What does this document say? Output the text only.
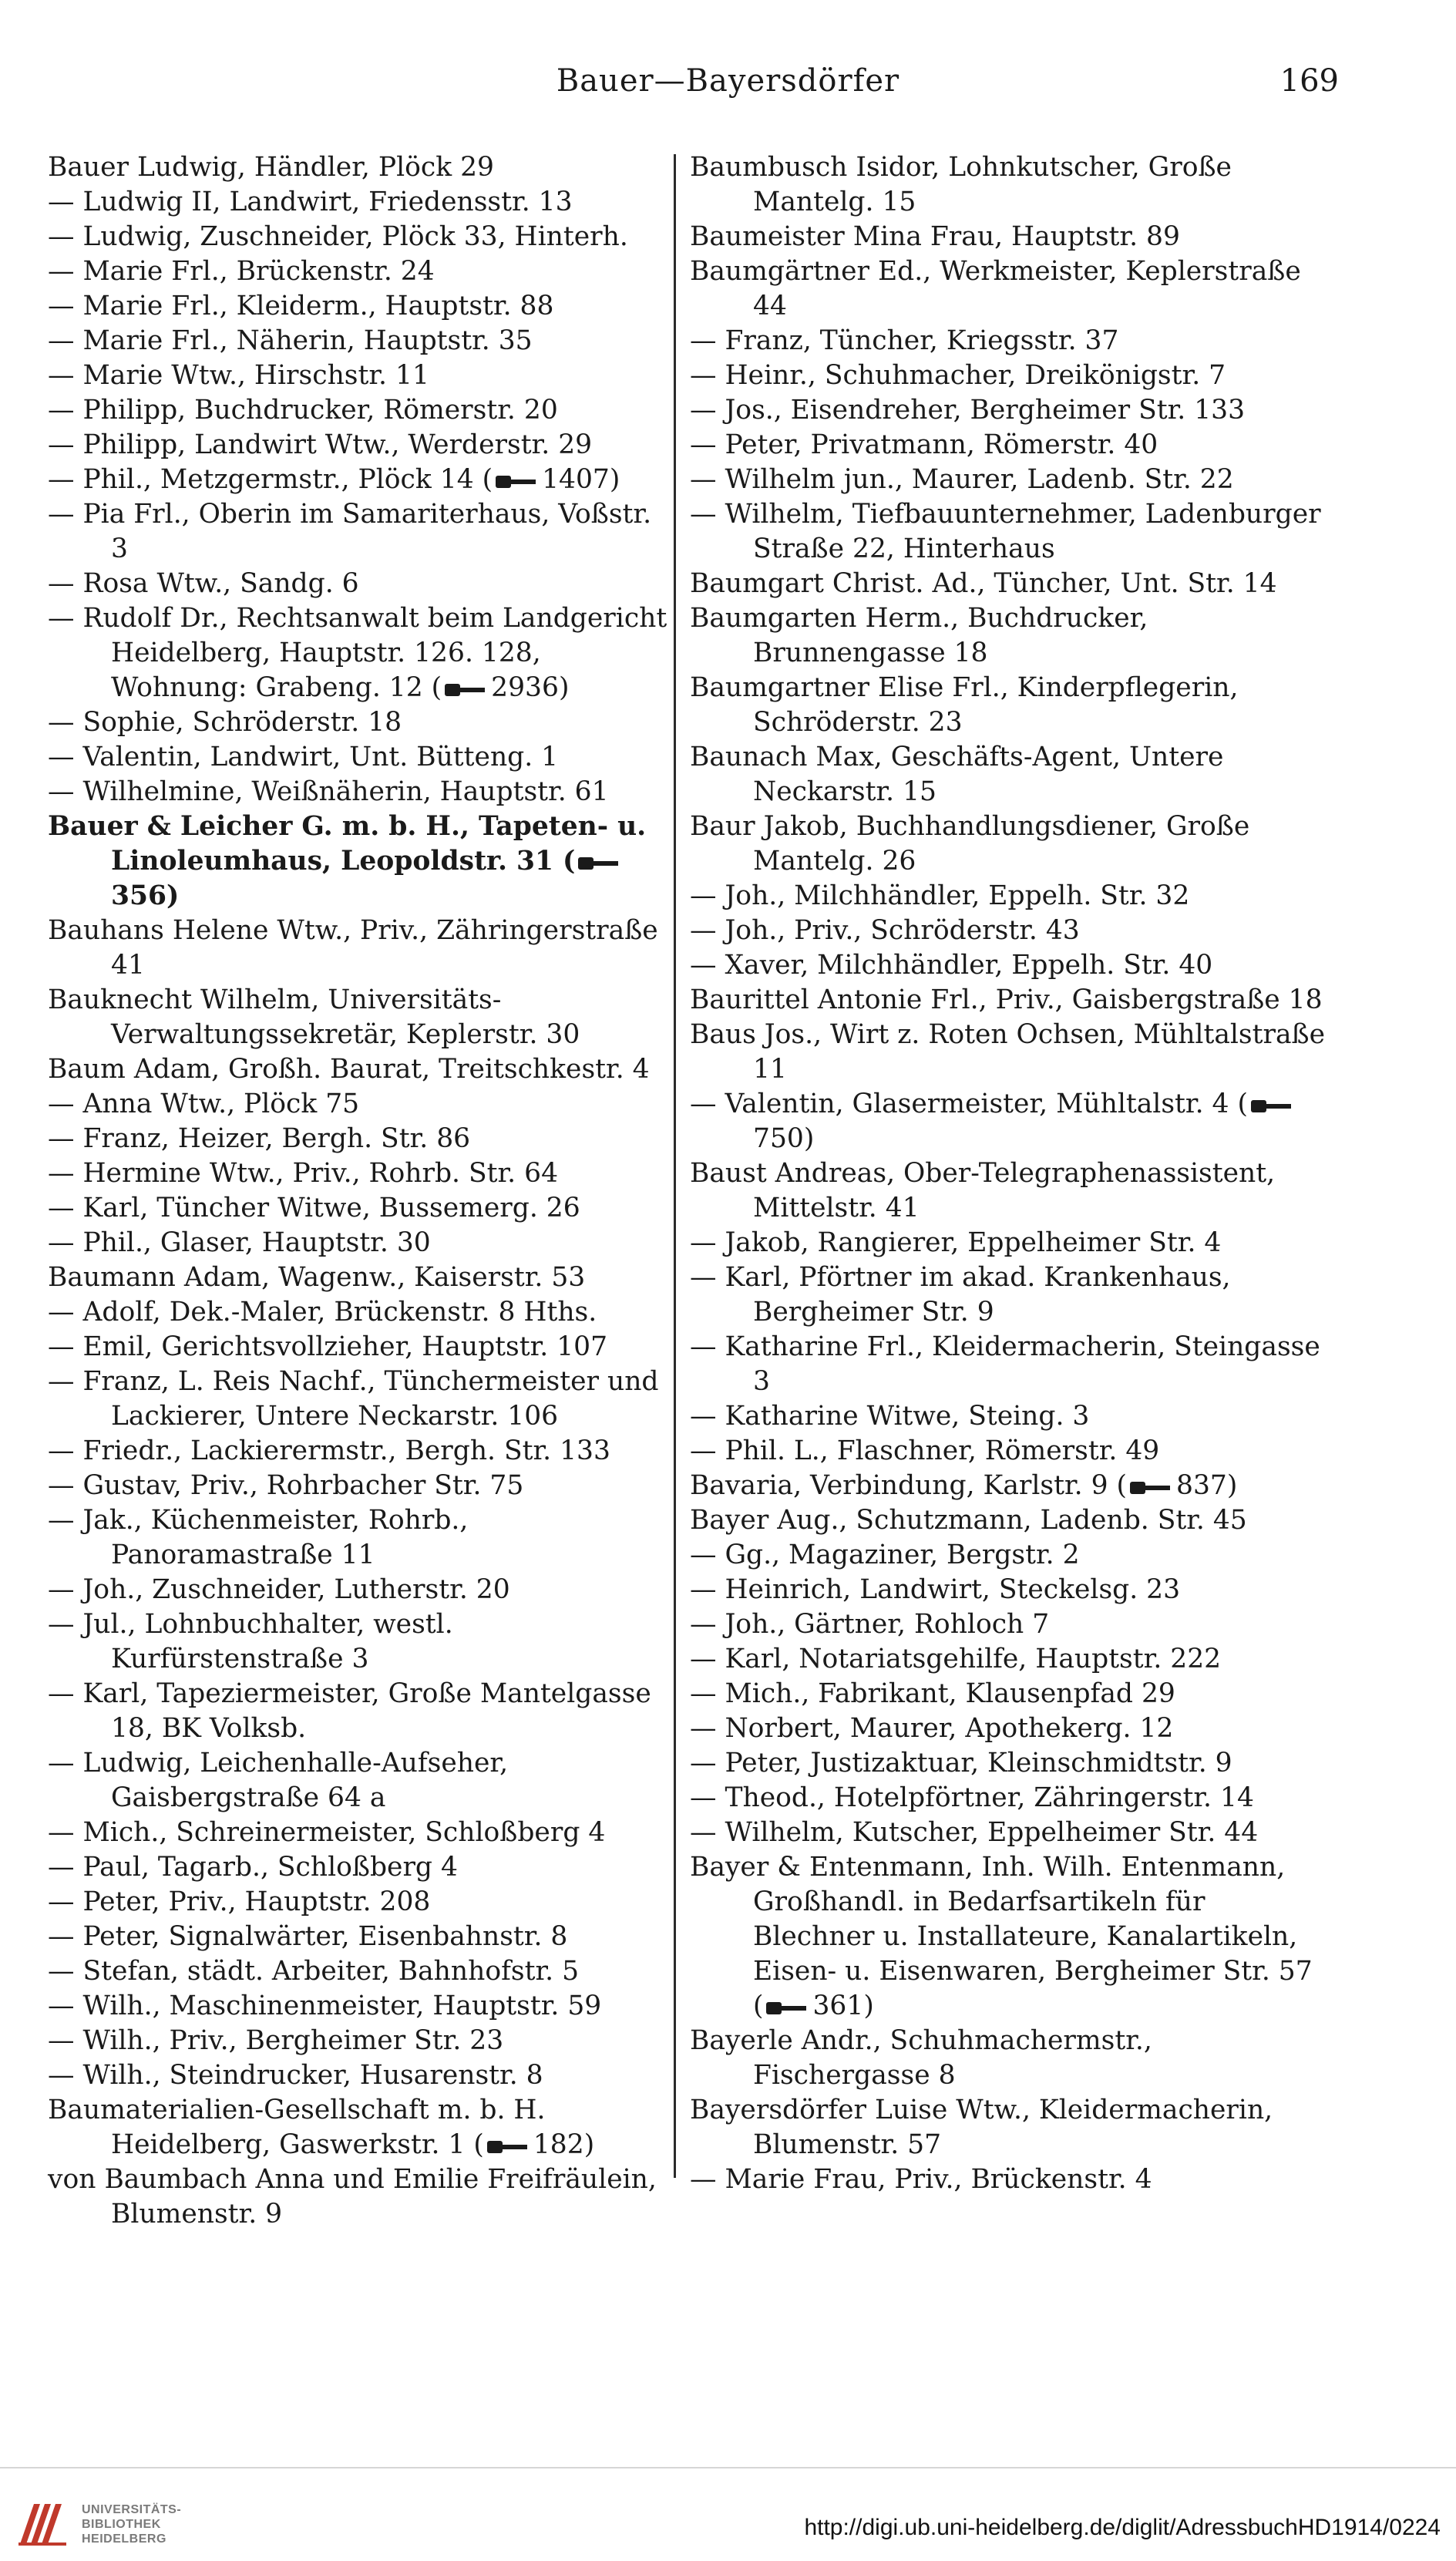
Bauer—Bayersdörfer	169

Bauer Ludwig, Händler, Plöck 29

— Ludwig II, Landwirt, Friedensstr. 13

— Ludwig, Zuschneider, Plöck 33, Hinterh.

— Marie Frl., Brückenstr. 24

— Marie Frl., Kleiderm., Hauptstr. 88

— Marie Frl., Näherin, Hauptstr. 35

— Marie Wtw., Hirschstr. 11

— Philipp, Buchdrucker, Römerstr. 20

— Philipp, Landwirt Wtw., Werderstr. 29

— Phil., Metzgermstr., Plöck 14 ( 1407)

— Pia Frl., Oberin im Samariterhaus, Voßstr. 3

— Rosa Wtw., Sandg. 6

— Rudolf Dr., Rechtsanwalt beim Landgericht Heidelberg, Hauptstr. 126. 128, Wohnung: Grabeng. 12 ( 2936)

— Sophie, Schröderstr. 18

— Valentin, Landwirt, Unt. Bütteng. 1

— Wilhelmine, Weißnäherin, Hauptstr. 61

Bauer & Leicher G. m. b. H., Tapeten- u. Linoleumhaus, Leopoldstr. 31 (356)

Bauhans Helene Wtw., Priv., Zähringerstraße 41

Bauknecht Wilhelm, Universitäts-Verwaltungssekretär, Keplerstr. 30

Baum Adam, Großh. Baurat, Treitschkestr. 4

— Anna Wtw., Plöck 75

— Franz, Heizer, Bergh. Str. 86

— Hermine Wtw., Priv., Rohrb. Str. 64

— Karl, Tüncher Witwe, Bussemerg. 26

— Phil., Glaser, Hauptstr. 30

Baumann Adam, Wagenw., Kaiserstr. 53

— Adolf, Dek.-Maler, Brückenstr. 8 Hths.

— Emil, Gerichtsvollzieher, Hauptstr. 107

— Franz, L. Reis Nachf., Tünchermeister und Lackierer, Untere Neckarstr. 106

— Friedr., Lackierermstr., Bergh. Str. 133

— Gustav, Priv., Rohrbacher Str. 75

— Jak., Küchenmeister, Rohrb., Panoramastraße 11

— Joh., Zuschneider, Lutherstr. 20

— Jul., Lohnbuchhalter, westl. Kurfürstenstraße 3

— Karl, Tapeziermeister, Große Mantelgasse 18, BK Volksb.

— Ludwig, Leichenhalle-Aufseher, Gaisbergstraße 64 a

— Mich., Schreinermeister, Schloßberg 4

— Paul, Tagarb., Schloßberg 4

— Peter, Priv., Hauptstr. 208

— Peter, Signalwärter, Eisenbahnstr. 8

— Stefan, städt. Arbeiter, Bahnhofstr. 5

— Wilh., Maschinenmeister, Hauptstr. 59

— Wilh., Priv., Bergheimer Str. 23

— Wilh., Steindrucker, Husarenstr. 8

Baumaterialien-Gesellschaft m. b. H. Heidelberg, Gaswerkstr. 1 ( 182)

von Baumbach Anna und Emilie Freifräulein, Blumenstr. 9

Baumbusch Isidor, Lohnkutscher, Große Mantelg. 15

Baumeister Mina Frau, Hauptstr. 89

Baumgärtner Ed., Werkmeister, Keplerstraße 44

— Franz, Tüncher, Kriegsstr. 37

— Heinr., Schuhmacher, Dreikönigstr. 7

— Jos., Eisendreher, Bergheimer Str. 133

— Peter, Privatmann, Römerstr. 40

— Wilhelm jun., Maurer, Ladenb. Str. 22

— Wilhelm, Tiefbauunternehmer, Ladenburger Straße 22, Hinterhaus

Baumgart Christ. Ad., Tüncher, Unt. Str. 14

Baumgarten Herm., Buchdrucker, Brunnengasse 18

Baumgartner Elise Frl., Kinderpflegerin, Schröderstr. 23

Baunach Max, Geschäfts-Agent, Untere Neckarstr. 15

Baur Jakob, Buchhandlungsdiener, Große Mantelg. 26

— Joh., Milchhändler, Eppelh. Str. 32

— Joh., Priv., Schröderstr. 43

— Xaver, Milchhändler, Eppelh. Str. 40

Baurittel Antonie Frl., Priv., Gaisbergstraße 18

Baus Jos., Wirt z. Roten Ochsen, Mühltalstraße 11

— Valentin, Glasermeister, Mühltalstr. 4 (750)

Baust Andreas, Ober-Telegraphenassistent, Mittelstr. 41

— Jakob, Rangierer, Eppelheimer Str. 4

— Karl, Pförtner im akad. Krankenhaus, Bergheimer Str. 9

— Katharine Frl., Kleidermacherin, Steingasse 3

— Katharine Witwe, Steing. 3

— Phil. L., Flaschner, Römerstr. 49

Bavaria, Verbindung, Karlstr. 9 ( 837)

Bayer Aug., Schutzmann, Ladenb. Str. 45

— Gg., Magaziner, Bergstr. 2

— Heinrich, Landwirt, Steckelsg. 23

— Joh., Gärtner, Rohloch 7

— Karl, Notariatsgehilfe, Hauptstr. 222

— Mich., Fabrikant, Klausenpfad 29

— Norbert, Maurer, Apothekerg. 12

— Peter, Justizaktuar, Kleinschmidtstr. 9

— Theod., Hotelpförtner, Zähringerstr. 14

— Wilhelm, Kutscher, Eppelheimer Str. 44

Bayer & Entenmann, Inh. Wilh. Entenmann, Großhandl. in Bedarfsartikeln für Blechner u. Installateure, Kanalartikeln, Eisen- u. Eisenwaren, Bergheimer Str. 57 ( 361)

Bayerle Andr., Schuhmachermstr., Fischergasse 8

Bayersdörfer Luise Wtw., Kleidermacherin, Blumenstr. 57

— Marie Frau, Priv., Brückenstr. 4

UNIVERSITÄTS-
BIBLIOTHEK
HEIDELBERG	http://digi.ub.uni-heidelberg.de/diglit/AdressbuchHD1914/0224
